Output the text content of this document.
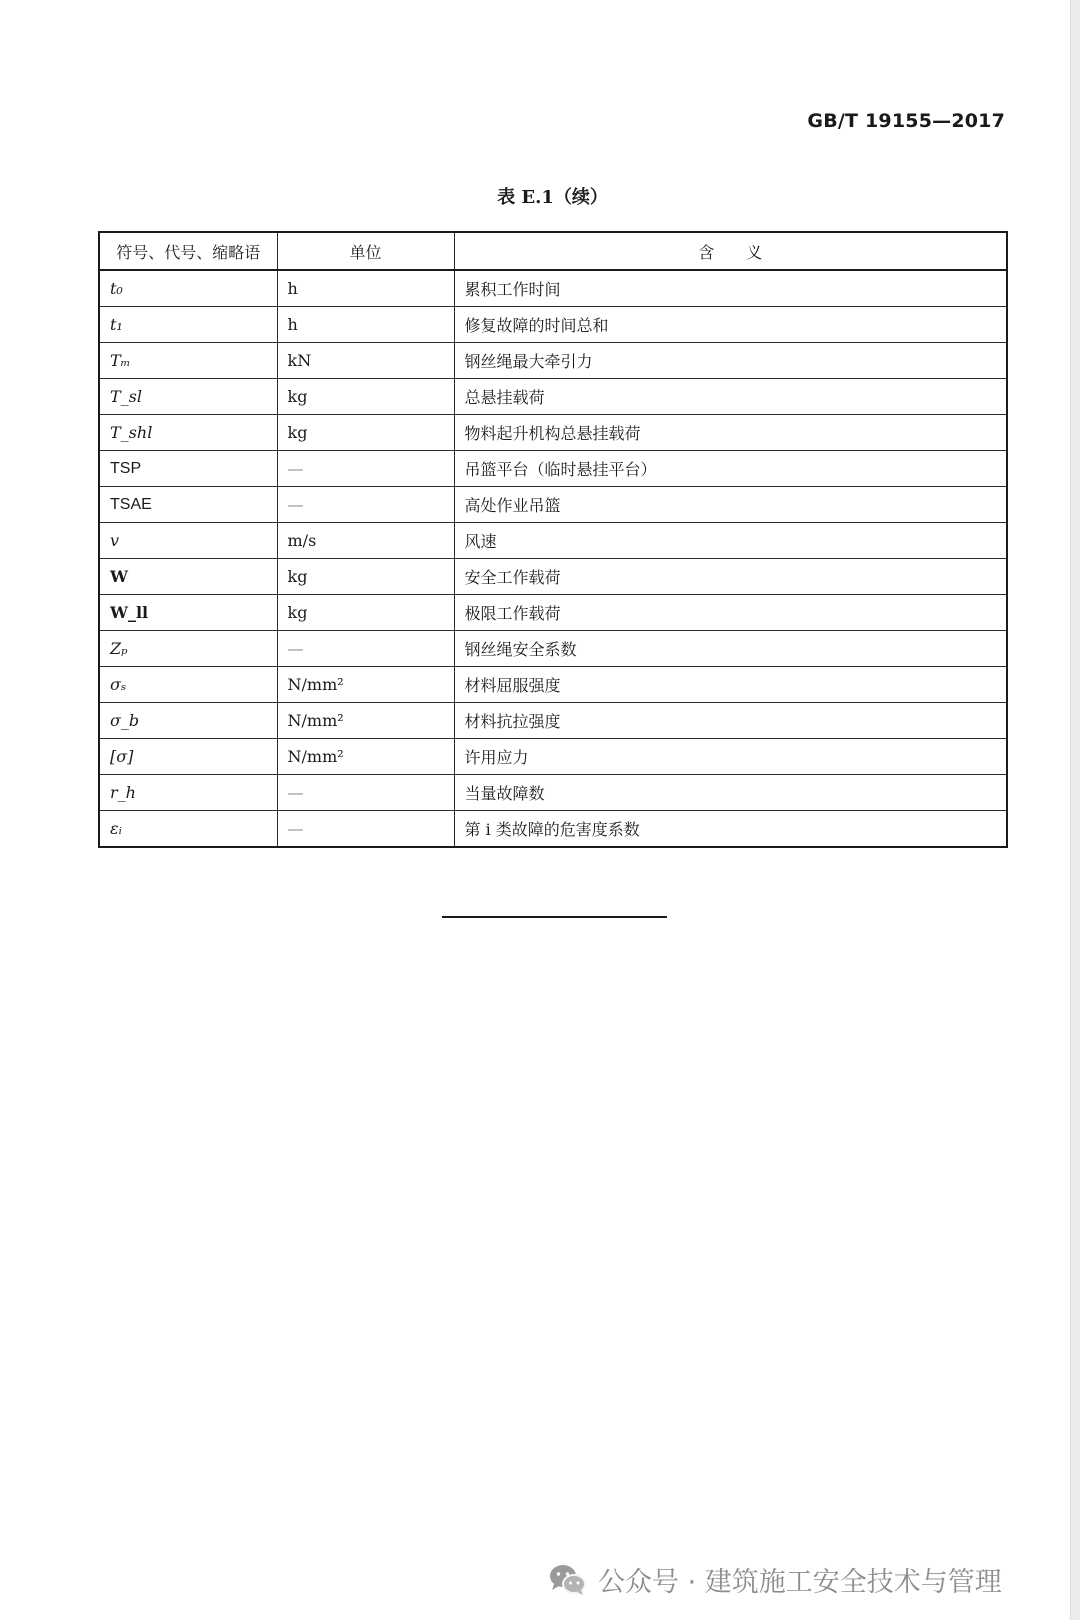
GB/T 19155—2017
表 E.1（续）
符号、代号、缩略语	单位	含　　义
t₀	h	累积工作时间
t₁	h	修复故障的时间总和
Tₘ	kN	钢丝绳最大牵引力
T_sl	kg	总悬挂载荷
T_shl	kg	物料起升机构总悬挂载荷
TSP	—	吊篮平台（临时悬挂平台）
TSAE	—	高处作业吊篮
v	m/s	风速
W	kg	安全工作载荷
W_ll	kg	极限工作载荷
Zₚ	—	钢丝绳安全系数
σₛ	N/mm²	材料屈服强度
σ_b	N/mm²	材料抗拉强度
[σ]	N/mm²	许用应力
r_h	—	当量故障数
εᵢ	—	第 i 类故障的危害度系数
公众号 · 建筑施工安全技术与管理
